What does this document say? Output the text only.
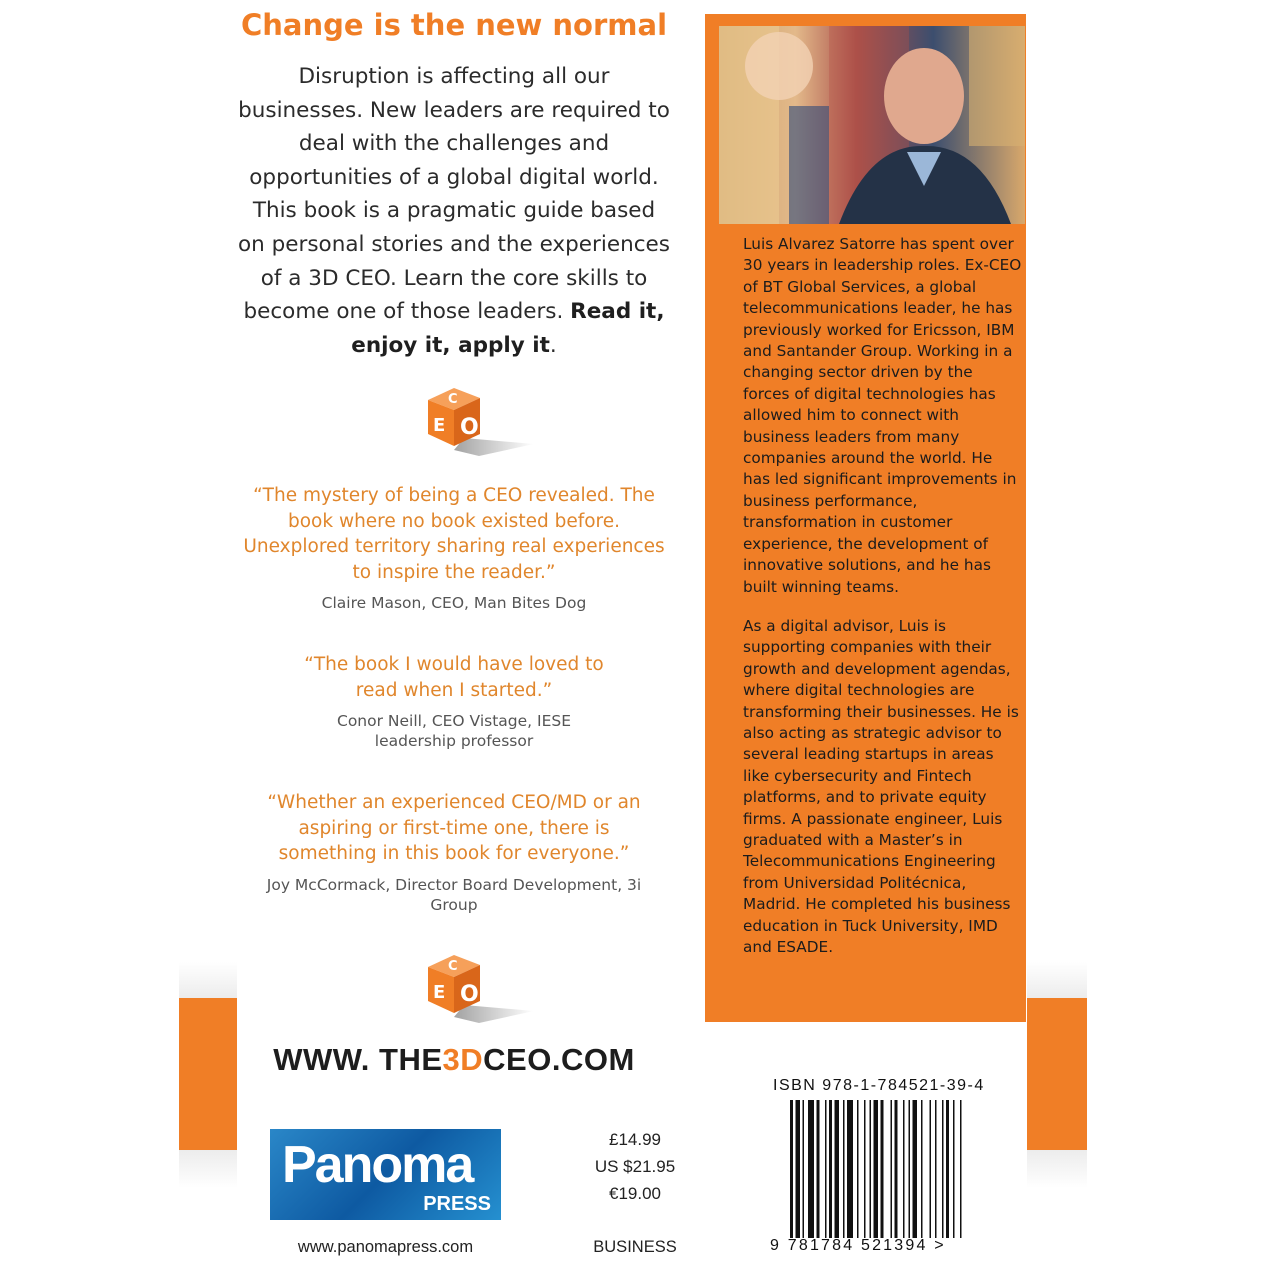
Change is the new normal

Disruption is affecting all our businesses. New leaders are required to deal with the challenges and opportunities of a global digital world. This book is a pragmatic guide based on personal stories and the experiences of a 3D CEO. Learn the core skills to become one of those leaders. Read it, enjoy it, apply it.

C
E O

“The mystery of being a CEO revealed. The book where no book existed before. Unexplored territory sharing real experiences to inspire the reader.”

Claire Mason, CEO, Man Bites Dog

“The book I would have loved to read when I started.”

Conor Neill, CEO Vistage, IESE leadership professor

“Whether an experienced CEO/MD or an aspiring or first-time one, there is something in this book for everyone.”

Joy McCormack, Director Board Development, 3i Group

C
E O

WWW. THE3DCEO.COM

Panoma
PRESS
£14.99
US $21.95
€19.00
www.panomapress.com	BUSINESS

Luis Alvarez Satorre has spent over 30 years in leadership roles. Ex-CEO of BT Global Services, a global telecommunications leader, he has previously worked for Ericsson, IBM and Santander Group. Working in a changing sector driven by the forces of digital technologies has allowed him to connect with business leaders from many companies around the world. He has led significant improvements in business performance, transformation in customer experience, the development of innovative solutions, and he has built winning teams.

As a digital advisor, Luis is supporting companies with their growth and development agendas, where digital technologies are transforming their businesses. He is also acting as strategic advisor to several leading startups in areas like cybersecurity and Fintech platforms, and to private equity firms. A passionate engineer, Luis graduated with a Master’s in Telecommunications Engineering from Universidad Politécnica, Madrid. He completed his business education in Tuck University, IMD and ESADE.

ISBN 978-1-784521-39-4
9 781784 521394 >
